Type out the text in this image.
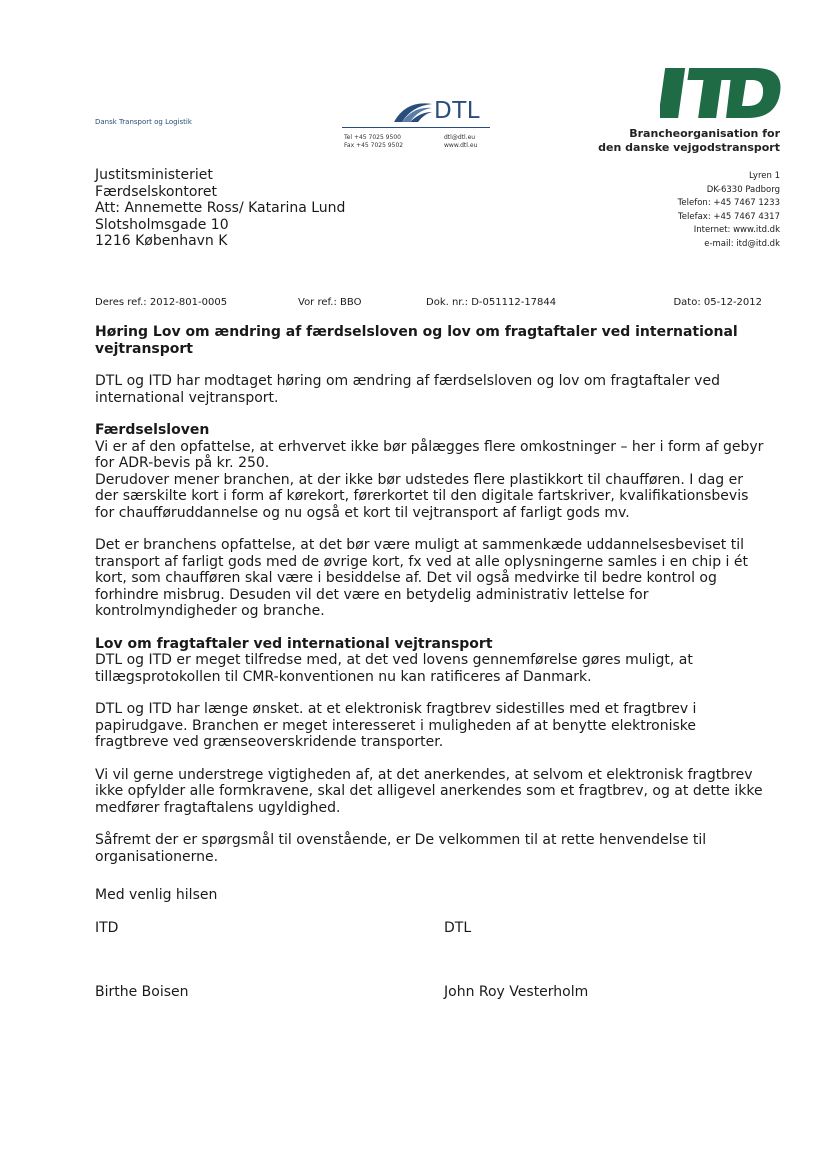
Dansk Transport og Logistik	DTL
Tel +45 7025 9500
Fax +45 7025 9502
dtl@dtl.eu
www.dtl.eu
Brancheorganisation for
den danske vejgodstransport
Justitsministeriet
Færdselskontoret
Att: Annemette Ross/ Katarina Lund
Slotsholmsgade 10
1216 København K
Lyren 1
DK-6330 Padborg
Telefon: +45 7467 1233
Telefax: +45 7467 4317
Internet: www.itd.dk
e-mail: itd@itd.dk
Deres ref.: 2012-801-0005	Vor ref.: BBO	Dok. nr.: D-051112-17844	Dato: 05-12-2012

Høring Lov om ændring af færdselsloven og lov om fragtaftaler ved international vejtransport

DTL og ITD har modtaget høring om ændring af færdselsloven og lov om fragtaftaler ved international vejtransport.

Færdselsloven

Vi er af den opfattelse, at erhvervet ikke bør pålægges flere omkostninger – her i form af gebyr for ADR-bevis på kr. 250.

Derudover mener branchen, at der ikke bør udstedes flere plastikkort til chaufføren. I dag er der særskilte kort i form af kørekort, førerkortet til den digitale fartskriver, kvalifikationsbevis for chaufføruddannelse og nu også et kort til vejtransport af farligt gods mv.

Det er branchens opfattelse, at det bør være muligt at sammenkæde uddannelsesbeviset til transport af farligt gods med de øvrige kort, fx ved at alle oplysningerne samles i en chip i ét kort, som chaufføren skal være i besiddelse af. Det vil også medvirke til bedre kontrol og forhindre misbrug. Desuden vil det være en betydelig administrativ lettelse for kontrolmyndigheder og branche.

Lov om fragtaftaler ved international vejtransport

DTL og ITD er meget tilfredse med, at det ved lovens gennemførelse gøres muligt, at tillægsprotokollen til CMR-konventionen nu kan ratificeres af Danmark.

DTL og ITD har længe ønsket. at et elektronisk fragtbrev sidestilles med et fragtbrev i papirudgave. Branchen er meget interesseret i muligheden af at benytte elektroniske fragtbreve ved grænseoverskridende transporter.

Vi vil gerne understrege vigtigheden af, at det anerkendes, at selvom et elektronisk fragtbrev ikke opfylder alle formkravene, skal det alligevel anerkendes som et fragtbrev, og at dette ikke medfører fragtaftalens ugyldighed.

Såfremt der er spørgsmål til ovenstående, er De velkommen til at rette henvendelse til organisationerne.

Med venlig hilsen
ITD	DTL
Birthe Boisen	John Roy Vesterholm
